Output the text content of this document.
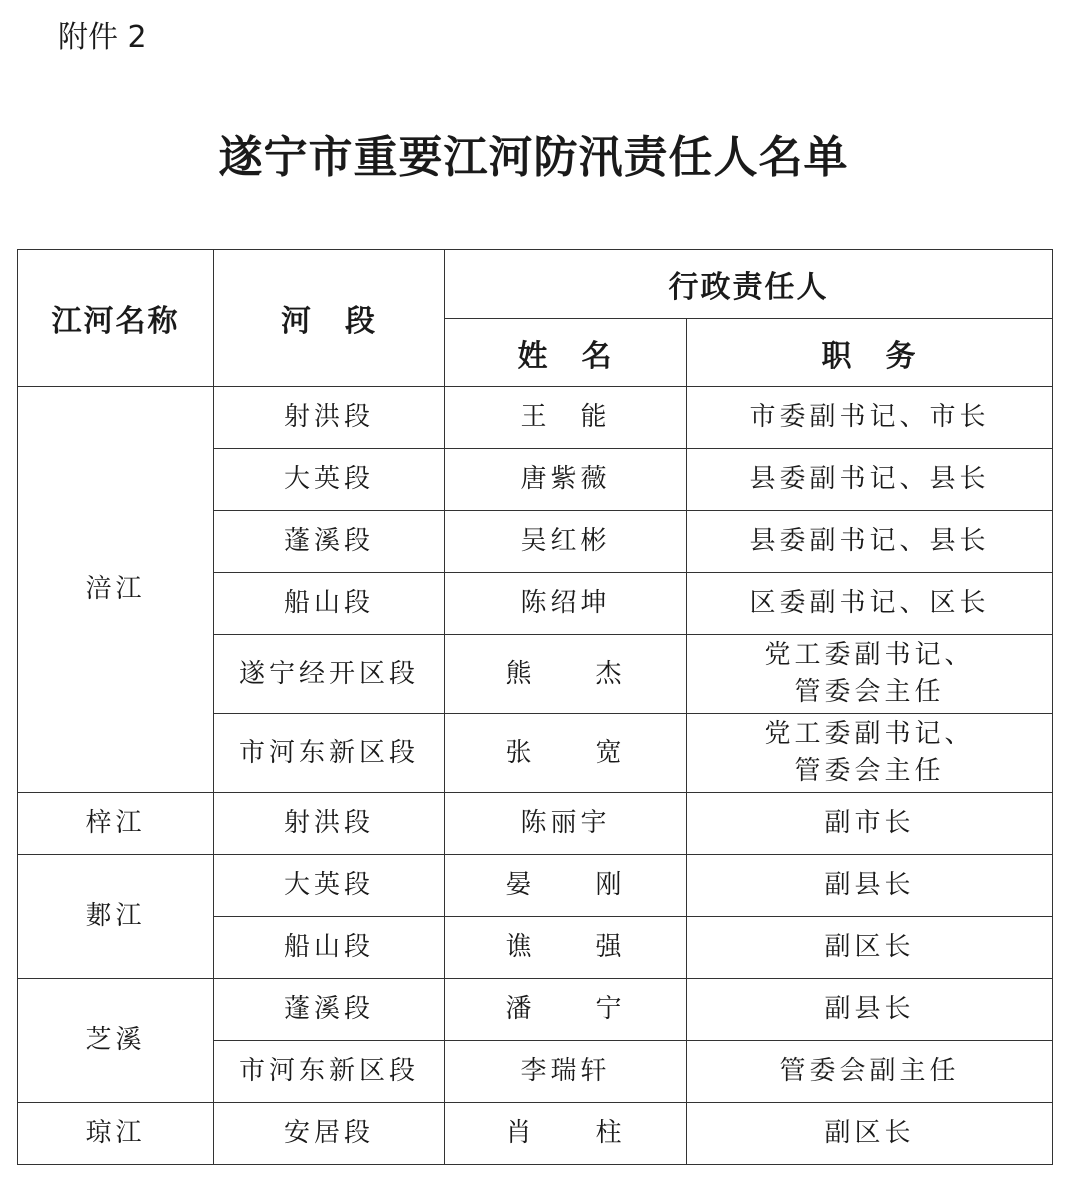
附件 2
遂宁市重要江河防汛责任人名单
江河名称	河　段	行政责任人	
		姓　名	职　务
涪江	射洪段	王　能	市委副书记、市长
	大英段	唐紫薇	县委副书记、县长
	蓬溪段	吴红彬	县委副书记、县长
	船山段	陈绍坤	区委副书记、区长
	遂宁经开区段	熊　　杰	党工委副书记、
管委会主任
	市河东新区段	张　　宽	党工委副书记、
管委会主任
梓江	射洪段	陈丽宇	副市长
郪江	大英段	晏　　刚	副县长
	船山段	谯　　强	副区长
芝溪	蓬溪段	潘　　宁	副县长
	市河东新区段	李瑞轩	管委会副主任
琼江	安居段	肖　　柱	副区长
